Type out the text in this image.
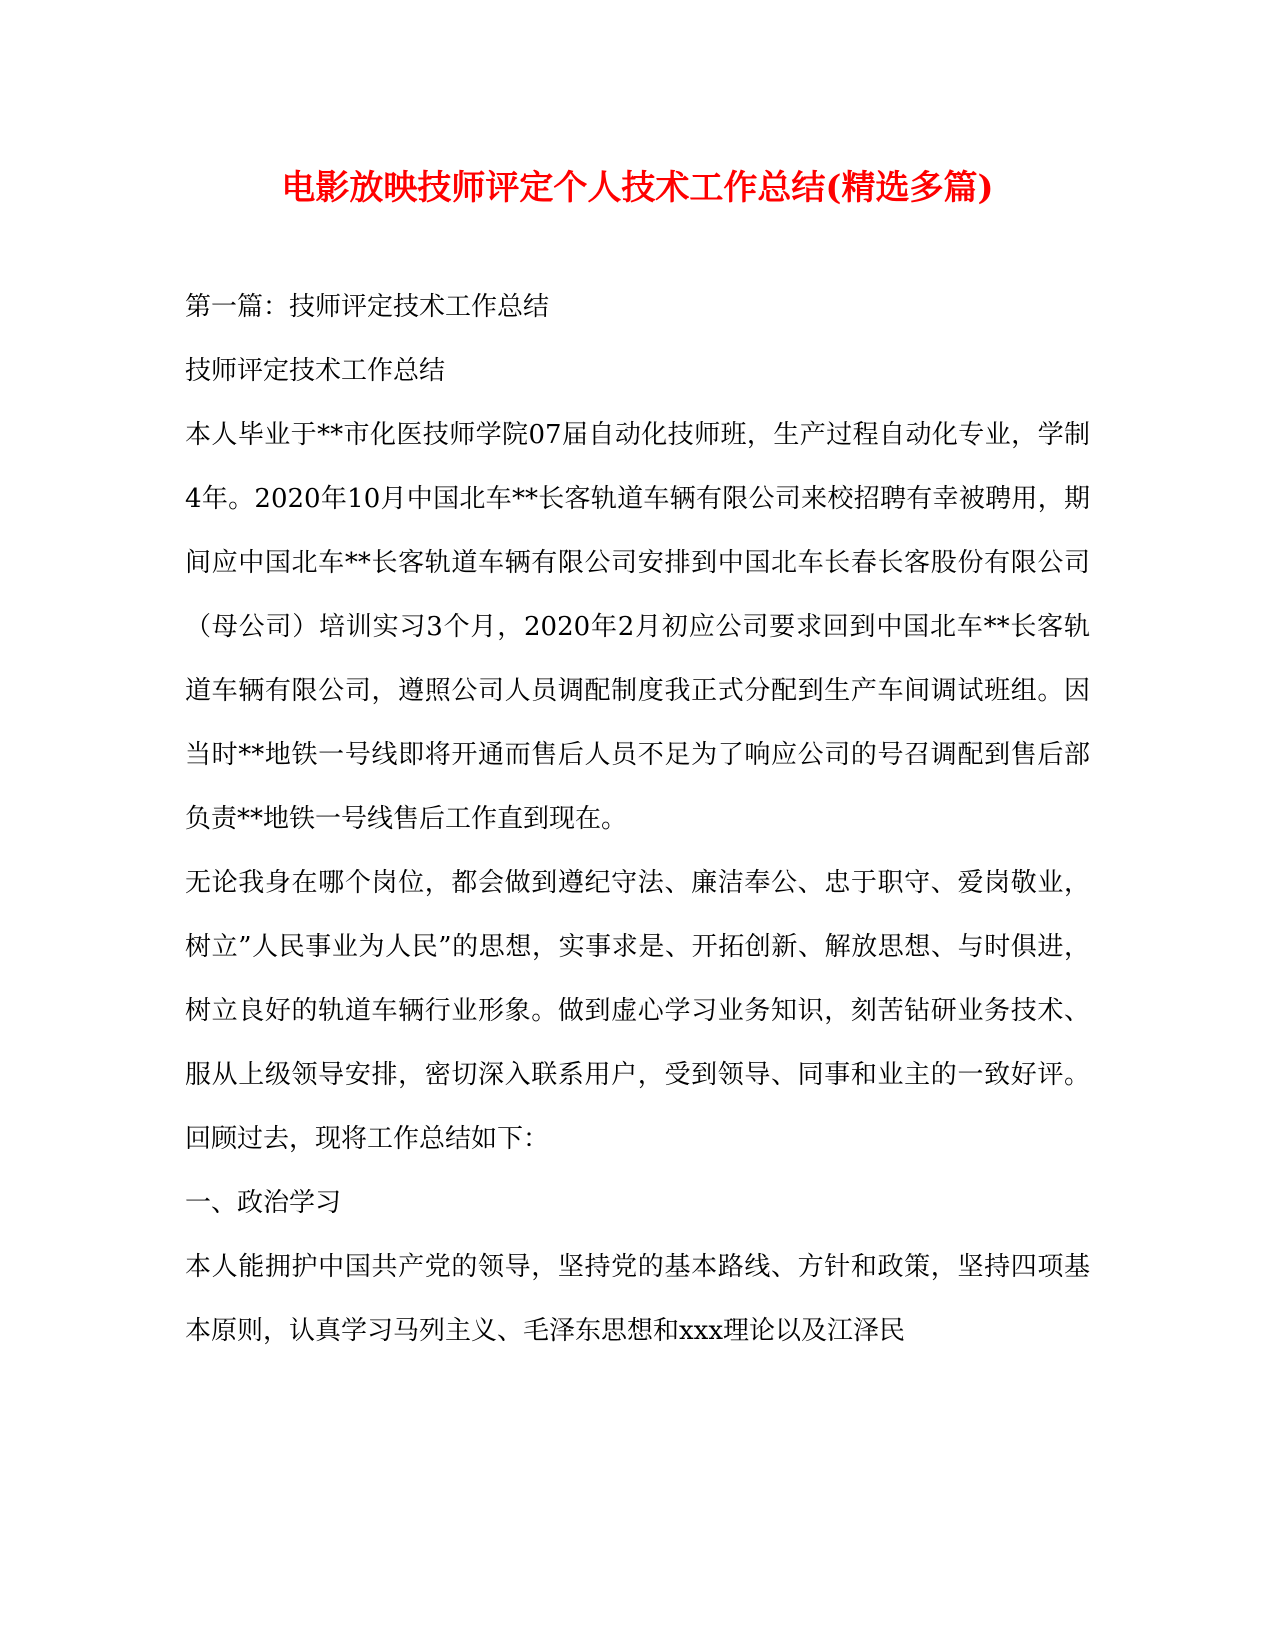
电影放映技师评定个人技术工作总结(精选多篇)

第一篇：技师评定技术工作总结

技师评定技术工作总结

本人毕业于**市化医技师学院07届自动化技师班，生产过程自动化专业，学制4年。2020年10月中国北车**长客轨道车辆有限公司来校招聘有幸被聘用，期间应中国北车**长客轨道车辆有限公司安排到中国北车长春长客股份有限公司（母公司）培训实习3个月，2020年2月初应公司要求回到中国北车**长客轨道车辆有限公司，遵照公司人员调配制度我正式分配到生产车间调试班组。因当时**地铁一号线即将开通而售后人员不足为了响应公司的号召调配到售后部负责**地铁一号线售后工作直到现在。

无论我身在哪个岗位，都会做到遵纪守法、廉洁奉公、忠于职守、爱岗敬业，树立”人民事业为人民”的思想，实事求是、开拓创新、解放思想、与时俱进，树立良好的轨道车辆行业形象。做到虚心学习业务知识，刻苦钻研业务技术、服从上级领导安排，密切深入联系用户，受到领导、同事和业主的一致好评。回顾过去，现将工作总结如下：

一、政治学习

本人能拥护中国共产党的领导，坚持党的基本路线、方针和政策，坚持四项基本原则，认真学习马列主义、毛泽东思想和xxx理论以及江泽民
